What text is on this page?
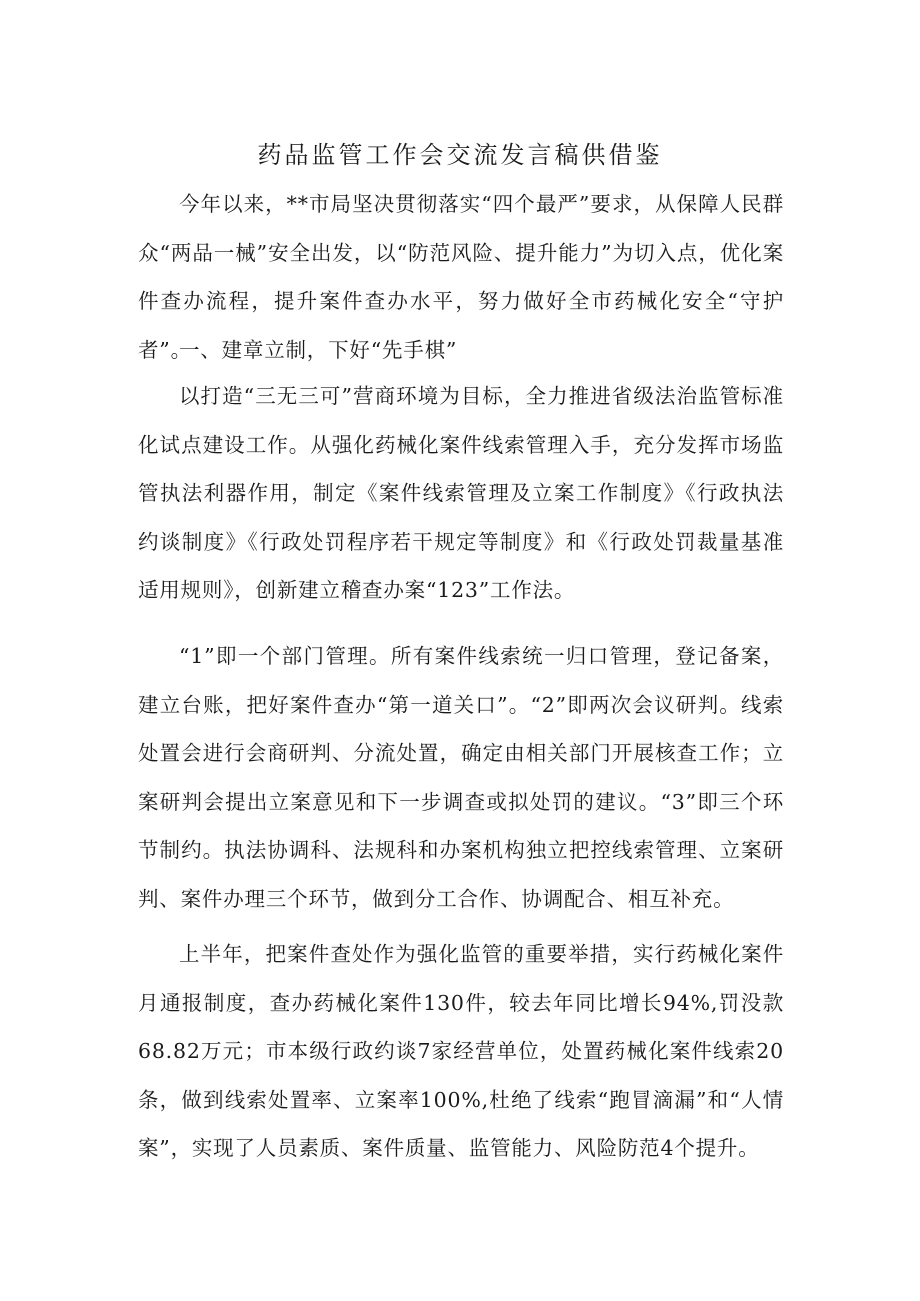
药品监管工作会交流发言稿供借鉴

今年以来，**市局坚决贯彻落实“四个最严”要求，从保障人民群众“两品一械”安全出发，以“防范风险、提升能力”为切入点，优化案件查办流程，提升案件查办水平，努力做好全市药械化安全“守护者”。

一、建章立制，下好“先手棋”

以打造“三无三可”营商环境为目标，全力推进省级法治监管标准化试点建设工作。从强化药械化案件线索管理入手，充分发挥市场监管执法利器作用，制定《案件线索管理及立案工作制度》《行政执法约谈制度》《行政处罚程序若干规定等制度》和《行政处罚裁量基准适用规则》，创新建立稽查办案“123”工作法。

“1”即一个部门管理。所有案件线索统一归口管理，登记备案，建立台账，把好案件查办“第一道关口”。“2”即两次会议研判。线索处置会进行会商研判、分流处置，确定由相关部门开展核查工作；立案研判会提出立案意见和下一步调查或拟处罚的建议。“3”即三个环节制约。执法协调科、法规科和办案机构独立把控线索管理、立案研判、案件办理三个环节，做到分工合作、协调配合、相互补充。

上半年，把案件查处作为强化监管的重要举措，实行药械化案件月通报制度，查办药械化案件130件，较去年同比增长94%,罚没款68.82万元；市本级行政约谈7家经营单位，处置药械化案件线索20条，做到线索处置率、立案率100%,杜绝了线索“跑冒滴漏”和“人情案”，实现了人员素质、案件质量、监管能力、风险防范4个提升。
